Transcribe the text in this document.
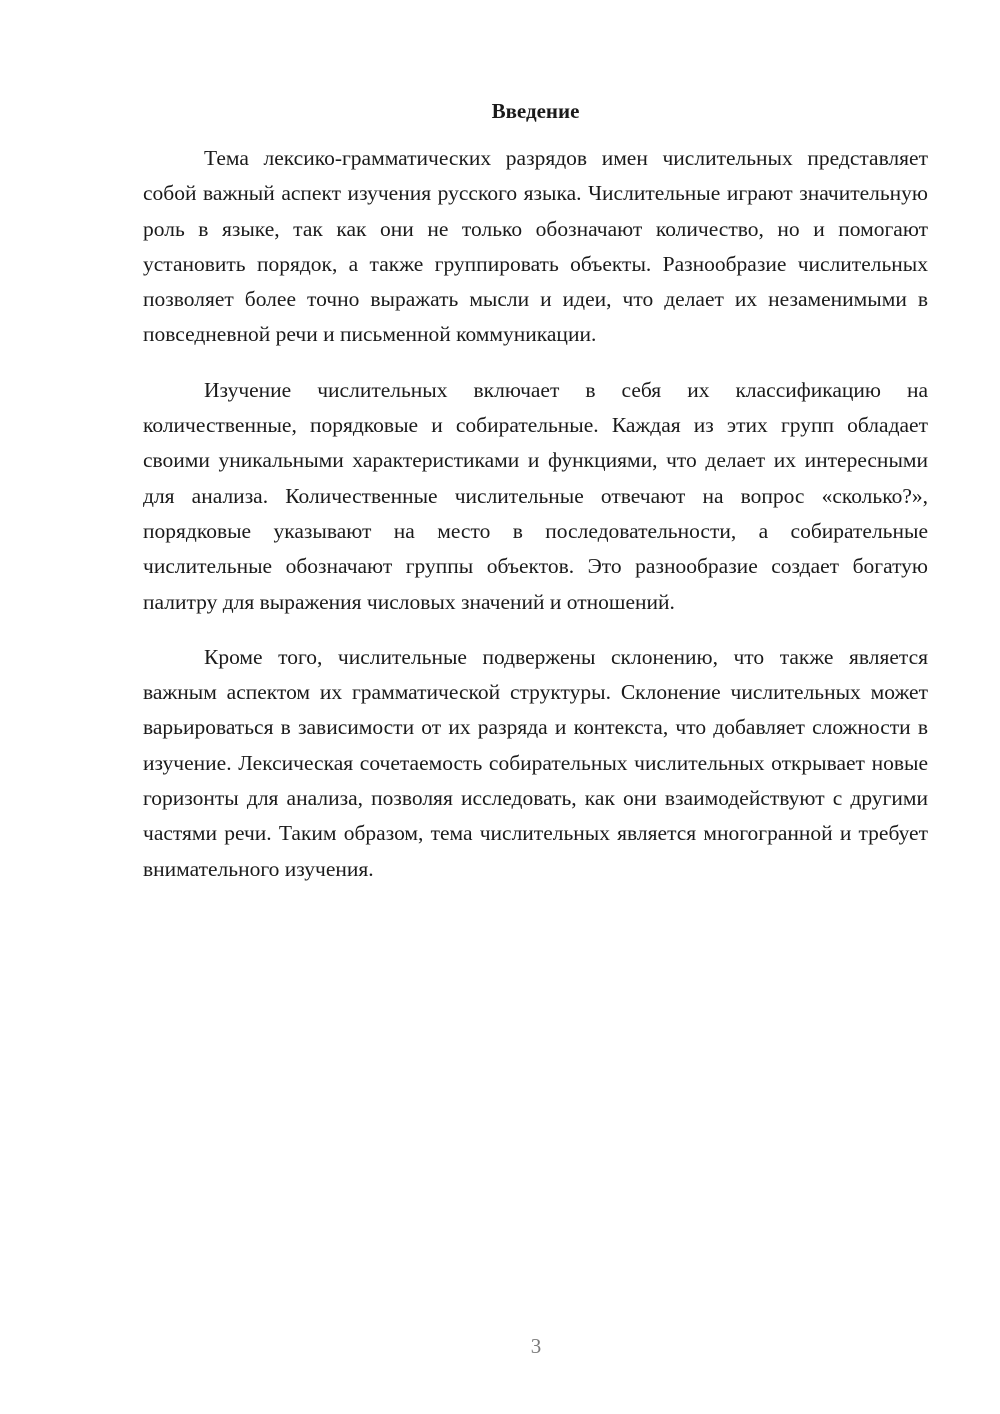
Введение

Тема лексико-грамматических разрядов имен числительных представляет собой важный аспект изучения русского языка. Числительные играют значительную роль в языке, так как они не только обозначают количество, но и помогают установить порядок, а также группировать объекты. Разнообразие числительных позволяет более точно выражать мысли и идеи, что делает их незаменимыми в повседневной речи и письменной коммуникации.

Изучение числительных включает в себя их классификацию на количественные, порядковые и собирательные. Каждая из этих групп обладает своими уникальными характеристиками и функциями, что делает их интересными для анализа. Количественные числительные отвечают на вопрос «сколько?», порядковые указывают на место в последовательности, а собирательные числительные обозначают группы объектов. Это разнообразие создает богатую палитру для выражения числовых значений и отношений.

Кроме того, числительные подвержены склонению, что также является важным аспектом их грамматической структуры. Склонение числительных может варьироваться в зависимости от их разряда и контекста, что добавляет сложности в изучение. Лексическая сочетаемость собирательных числительных открывает новые горизонты для анализа, позволяя исследовать, как они взаимодействуют с другими частями речи. Таким образом, тема числительных является многогранной и требует внимательного изучения.

3
